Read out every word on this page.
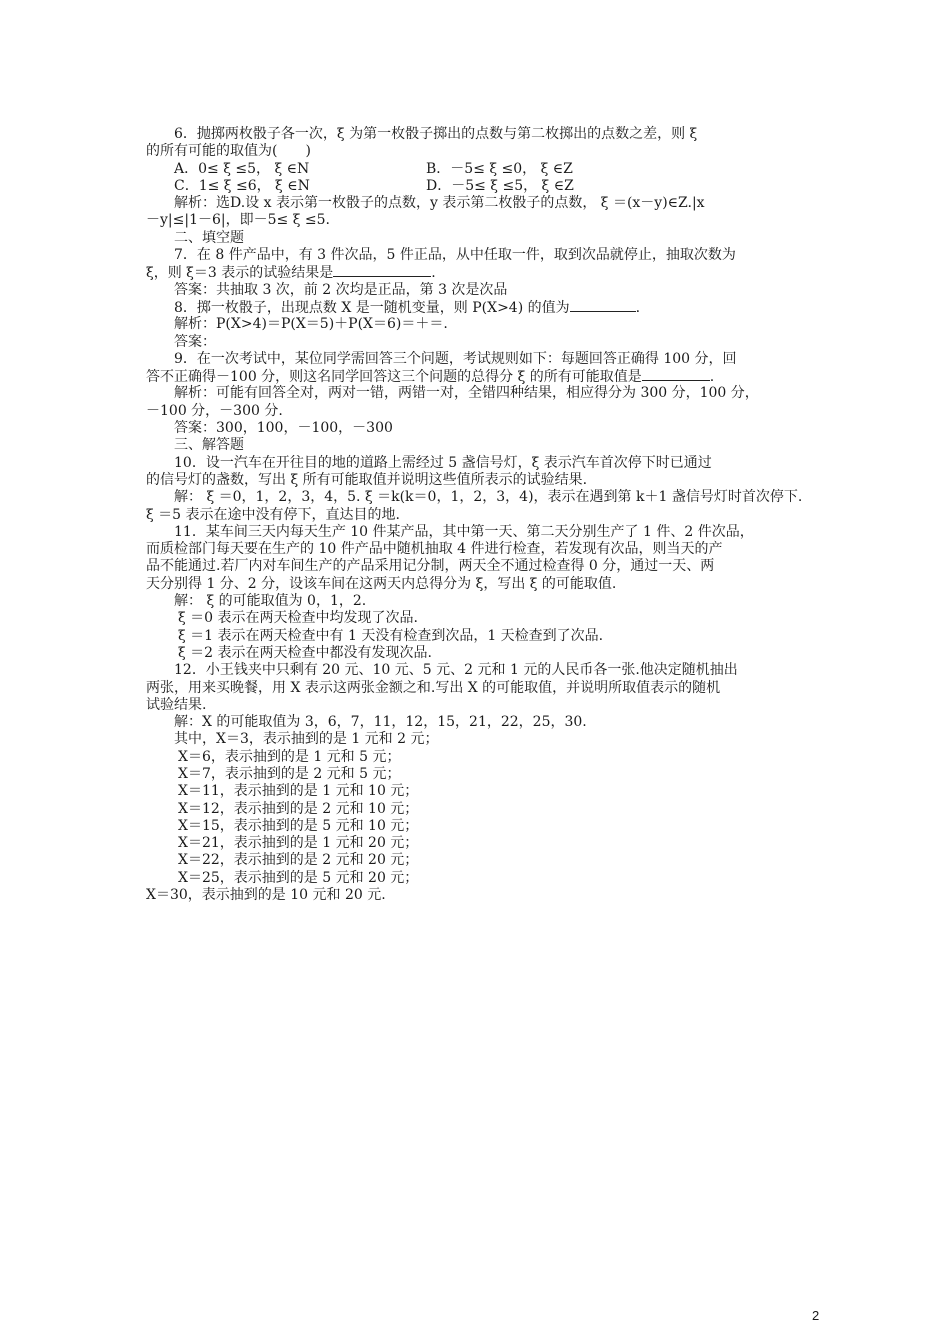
6．抛掷两枚骰子各一次，ξ 为第一枚骰子掷出的点数与第二枚掷出的点数之差，则 ξ
的所有可能的取值为( )
A．0≤ ξ ≤5， ξ ∈N	B．－5≤ ξ ≤0， ξ ∈Z
C．1≤ ξ ≤6， ξ ∈N	D．－5≤ ξ ≤5， ξ ∈Z
解析：选D.设 x 表示第一枚骰子的点数，y 表示第二枚骰子的点数， ξ ＝(x－y)∈Z.|x
－y|≤|1－6|，即－5≤ ξ ≤5.
二、填空题
7．在 8 件产品中，有 3 件次品，5 件正品，从中任取一件，取到次品就停止，抽取次数为
ξ，则 ξ＝3 表示的试验结果是	.
答案：共抽取 3 次，前 2 次均是正品，第 3 次是次品
8．掷一枚骰子，出现点数 X 是一随机变量，则 P(X>4) 的值为	.
解析：P(X>4)＝P(X＝5)＋P(X＝6)＝＋＝.
答案：
9．在一次考试中，某位同学需回答三个问题，考试规则如下：每题回答正确得 100 分，回
答不正确得－100 分，则这名同学回答这三个问题的总得分 ξ 的所有可能取值是	.
解析：可能有回答全对，两对一错，两错一对，全错四种结果，相应得分为 300 分，100 分，
－100 分，－300 分.
答案：300，100，－100，－300
三、解答题
10．设一汽车在开往目的地的道路上需经过 5 盏信号灯，ξ 表示汽车首次停下时已通过
的信号灯的盏数，写出 ξ 所有可能取值并说明这些值所表示的试验结果.
解： ξ ＝0，1，2，3，4，5. ξ ＝k(k＝0，1，2，3，4)，表示在遇到第 k＋1 盏信号灯时首次停下.
ξ ＝5 表示在途中没有停下，直达目的地.
11．某车间三天内每天生产 10 件某产品，其中第一天、第二天分别生产了 1 件、2 件次品，
而质检部门每天要在生产的 10 件产品中随机抽取 4 件进行检查，若发现有次品，则当天的产
品不能通过.若厂内对车间生产的产品采用记分制，两天全不通过检查得 0 分，通过一天、两
天分别得 1 分、2 分，设该车间在这两天内总得分为 ξ，写出 ξ 的可能取值.
解： ξ 的可能取值为 0，1，2.
ξ ＝0 表示在两天检查中均发现了次品.
ξ ＝1 表示在两天检查中有 1 天没有检查到次品，1 天检查到了次品.
ξ ＝2 表示在两天检查中都没有发现次品.
12．小王钱夹中只剩有 20 元、10 元、5 元、2 元和 1 元的人民币各一张.他决定随机抽出
两张，用来买晚餐，用 X 表示这两张金额之和.写出 X 的可能取值，并说明所取值表示的随机
试验结果.
解：X 的可能取值为 3，6，7，11，12，15，21，22，25，30.
其中，X＝3，表示抽到的是 1 元和 2 元；
X＝6，表示抽到的是 1 元和 5 元；
X＝7，表示抽到的是 2 元和 5 元；
X＝11，表示抽到的是 1 元和 10 元；
X＝12，表示抽到的是 2 元和 10 元；
X＝15，表示抽到的是 5 元和 10 元；
X＝21，表示抽到的是 1 元和 20 元；
X＝22，表示抽到的是 2 元和 20 元；
X＝25，表示抽到的是 5 元和 20 元；
X＝30，表示抽到的是 10 元和 20 元.
2
